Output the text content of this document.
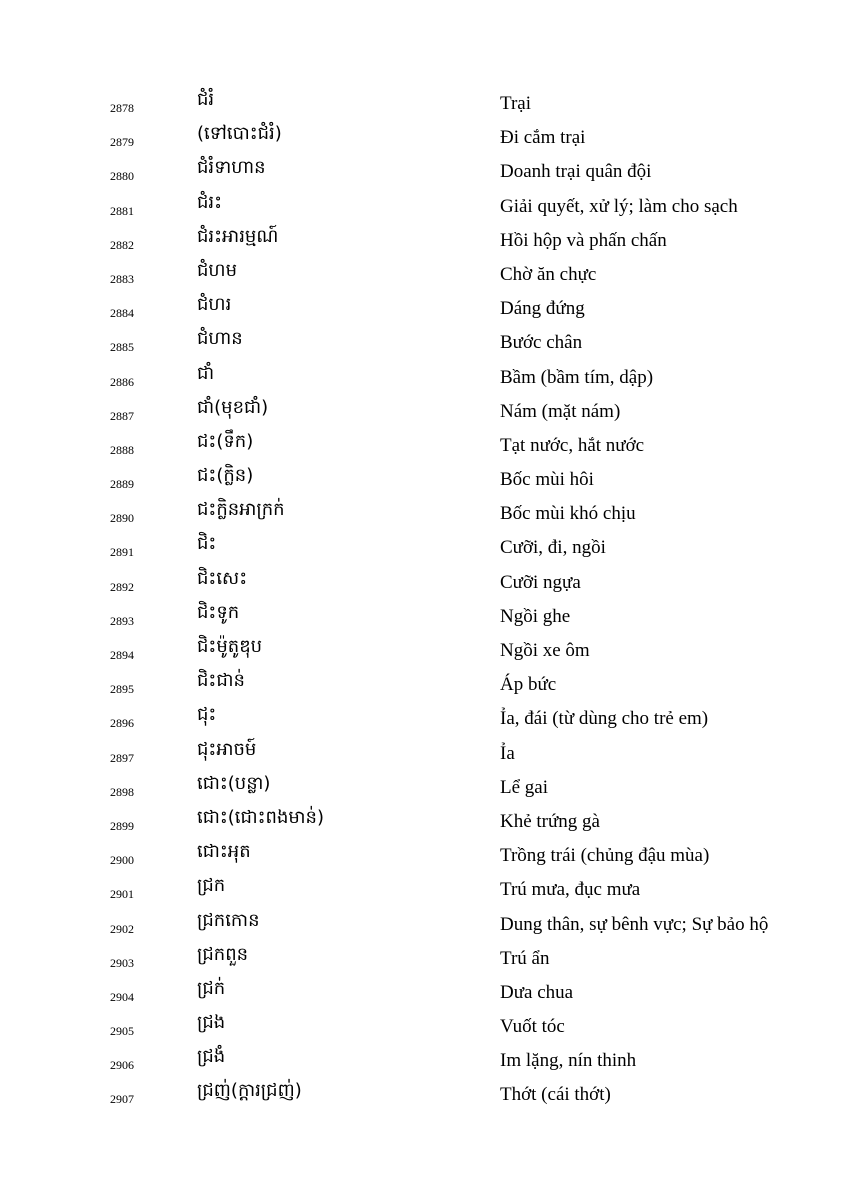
2878	ជំរំ	Trại
2879	(ទៅបោះជំរំ)	Đi cắm trại
2880	ជំរំទាហាន	Doanh trại quân đội
2881	ជំរះ	Giải quyết, xử lý; làm cho sạch
2882	ជំរះអារម្មណ៍	Hồi hộp và phấn chấn
2883	ជំហម	Chờ ăn chực
2884	ជំហរ	Dáng đứng
2885	ជំហាន	Bước chân
2886	ជាំ	Bầm (bầm tím, dập)
2887	ជាំ(មុខជាំ)	Nám (mặt nám)
2888	ជះ(ទឹក)	Tạt nước, hắt nước
2889	ជះ(ក្លិន)	Bốc mùi hôi
2890	ជះក្លិនអាក្រក់	Bốc mùi khó chịu
2891	ជិះ	Cưỡi, đi, ngồi
2892	ជិះសេះ	Cưỡi ngựa
2893	ជិះទូក	Ngồi ghe
2894	ជិះម៉ូតូឌុប	Ngồi xe ôm
2895	ជិះជាន់	Áp bức
2896	ជុះ	Ỉa, đái (từ dùng cho trẻ em)
2897	ជុះអាចម៍	Ỉa
2898	ជោះ(បន្លា)	Lể gai
2899	ជោះ(ជោះពងមាន់)	Khẻ trứng gà
2900	ជោះអុត	Trồng trái (chủng đậu mùa)
2901	ជ្រក	Trú mưa, đục mưa
2902	ជ្រកកោន	Dung thân, sự bênh vực; Sự bảo hộ
2903	ជ្រកពួន	Trú ẩn
2904	ជ្រក់	Dưa chua
2905	ជ្រង	Vuốt tóc
2906	ជ្រងំ	Im lặng, nín thinh
2907	ជ្រញ់(ក្ដារជ្រញ់)	Thớt (cái thớt)
